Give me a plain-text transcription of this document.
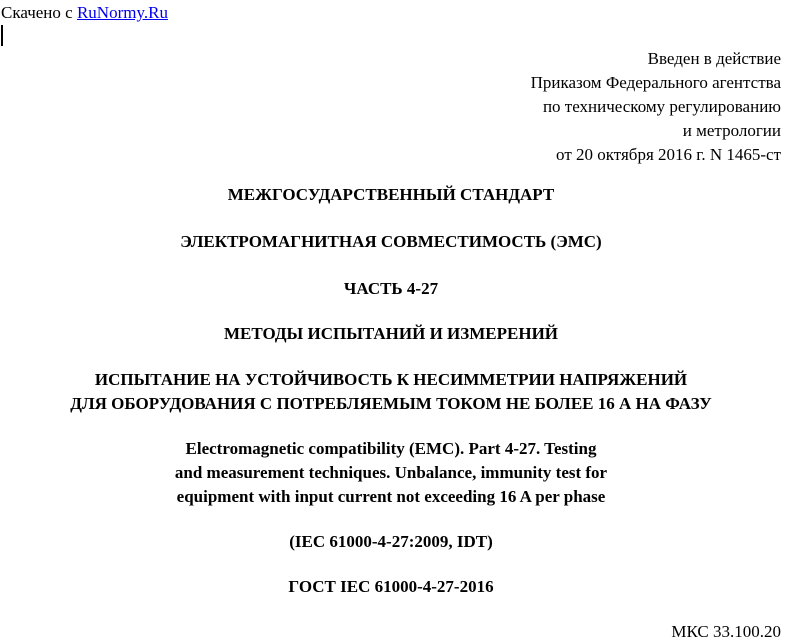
Скачено с RuNormy.Ru
Введен в действие
Приказом Федерального агентства
по техническому регулированию
и метрологии
от 20 октября 2016 г. N 1465-ст
МЕЖГОСУДАРСТВЕННЫЙ СТАНДАРТ
ЭЛЕКТРОМАГНИТНАЯ СОВМЕСТИМОСТЬ (ЭМС)
ЧАСТЬ 4-27
МЕТОДЫ ИСПЫТАНИЙ И ИЗМЕРЕНИЙ
ИСПЫТАНИЕ НА УСТОЙЧИВОСТЬ К НЕСИММЕТРИИ НАПРЯЖЕНИЙ
ДЛЯ ОБОРУДОВАНИЯ С ПОТРЕБЛЯЕМЫМ ТОКОМ НЕ БОЛЕЕ 16 А НА ФАЗУ
Electromagnetic compatibility (EMC). Part 4-27. Testing
and measurement techniques. Unbalance, immunity test for
equipment with input current not exceeding 16 A per phase
(IEC 61000-4-27:2009, IDT)
ГОСТ IEC 61000-4-27-2016
МКС 33.100.20
